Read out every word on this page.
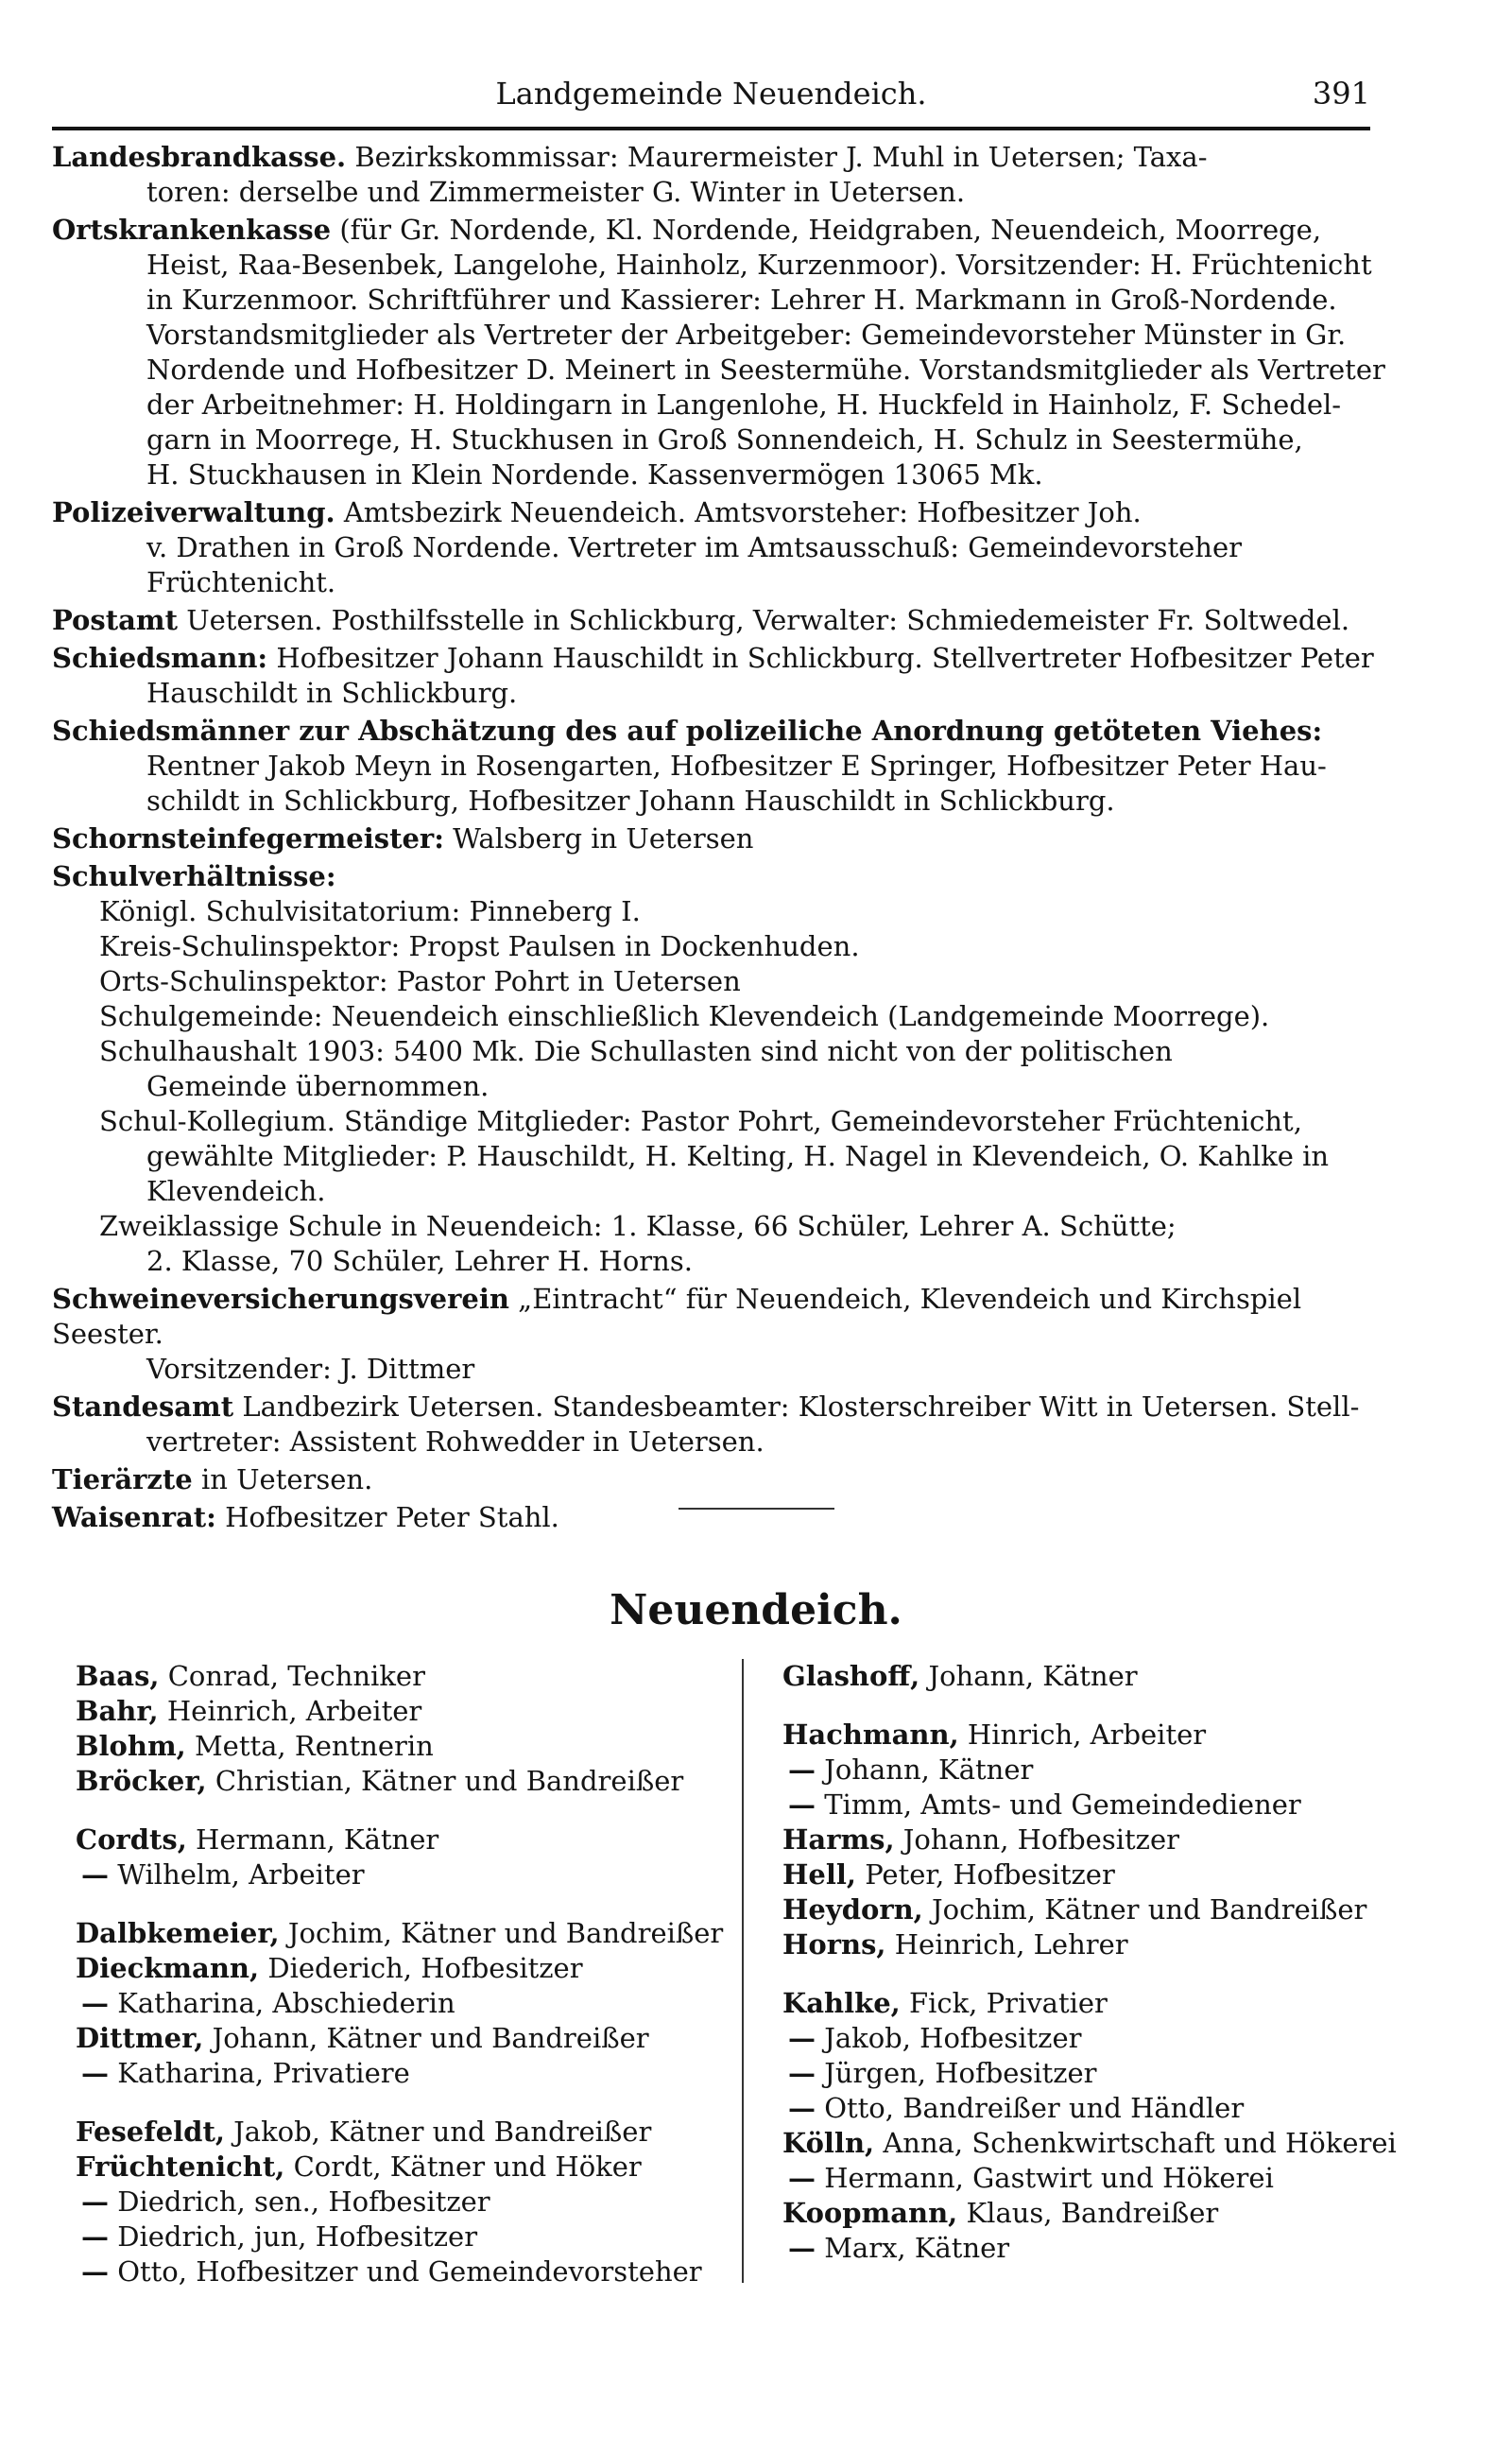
Landgemeinde Neuendeich.	391

Landesbrandkasse. Bezirkskommissar: Maurermeister J. Muhl in Uetersen; Taxa-

toren: derselbe und Zimmermeister G. Winter in Uetersen.

Ortskrankenkasse (für Gr. Nordende, Kl. Nordende, Heidgraben, Neuendeich, Moorrege,

Heist, Raa-Besenbek, Langelohe, Hainholz, Kurzenmoor). Vorsitzender: H. Früchtenicht

in Kurzenmoor. Schriftführer und Kassierer: Lehrer H. Markmann in Groß-Nordende.

Vorstandsmitglieder als Vertreter der Arbeitgeber: Gemeindevorsteher Münster in Gr.

Nordende und Hofbesitzer D. Meinert in Seestermühe. Vorstandsmitglieder als Vertreter

der Arbeitnehmer: H. Holdingarn in Langenlohe, H. Huckfeld in Hainholz, F. Schedel-

garn in Moorrege, H. Stuckhusen in Groß Sonnendeich, H. Schulz in Seestermühe,

H. Stuckhausen in Klein Nordende. Kassenvermögen 13065 Mk.

Polizeiverwaltung. Amtsbezirk Neuendeich. Amtsvorsteher: Hofbesitzer Joh.

v. Drathen in Groß Nordende. Vertreter im Amtsausschuß: Gemeindevorsteher

Früchtenicht.

Postamt Uetersen. Posthilfsstelle in Schlickburg, Verwalter: Schmiedemeister Fr. Soltwedel.

Schiedsmann: Hofbesitzer Johann Hauschildt in Schlickburg. Stellvertreter Hofbesitzer Peter

Hauschildt in Schlickburg.

Schiedsmänner zur Abschätzung des auf polizeiliche Anordnung getöteten Viehes:

Rentner Jakob Meyn in Rosengarten, Hofbesitzer E Springer, Hofbesitzer Peter Hau-

schildt in Schlickburg, Hofbesitzer Johann Hauschildt in Schlickburg.

Schornsteinfegermeister: Walsberg in Uetersen

Schulverhältnisse:

Königl. Schulvisitatorium: Pinneberg I.

Kreis-Schulinspektor: Propst Paulsen in Dockenhuden.

Orts-Schulinspektor: Pastor Pohrt in Uetersen

Schulgemeinde: Neuendeich einschließlich Klevendeich (Landgemeinde Moorrege).

Schulhaushalt 1903: 5400 Mk. Die Schullasten sind nicht von der politischen

Gemeinde übernommen.

Schul-Kollegium. Ständige Mitglieder: Pastor Pohrt, Gemeindevorsteher Früchtenicht,

gewählte Mitglieder: P. Hauschildt, H. Kelting, H. Nagel in Klevendeich, O. Kahlke in

Klevendeich.

Zweiklassige Schule in Neuendeich: 1. Klasse, 66 Schüler, Lehrer A. Schütte;

2. Klasse, 70 Schüler, Lehrer H. Horns.

Schweineversicherungsverein „Eintracht“ für Neuendeich, Klevendeich und Kirchspiel Seester.

Vorsitzender: J. Dittmer

Standesamt Landbezirk Uetersen. Standesbeamter: Klosterschreiber Witt in Uetersen. Stell-

vertreter: Assistent Rohwedder in Uetersen.

Tierärzte in Uetersen.

Waisenrat: Hofbesitzer Peter Stahl.

Neuendeich.
Baas, Conrad, Techniker
Bahr, Heinrich, Arbeiter
Blohm, Metta, Rentnerin
Bröcker, Christian, Kätner und Bandreißer
Cordts, Hermann, Kätner
— Wilhelm, Arbeiter
Dalbkemeier, Jochim, Kätner und Bandreißer
Dieckmann, Diederich, Hofbesitzer
— Katharina, Abschiederin
Dittmer, Johann, Kätner und Bandreißer
— Katharina, Privatiere
Fesefeldt, Jakob, Kätner und Bandreißer
Früchtenicht, Cordt, Kätner und Höker
— Diedrich, sen., Hofbesitzer
— Diedrich, jun, Hofbesitzer
— Otto, Hofbesitzer und Gemeindevorsteher
Glashoff, Johann, Kätner
Hachmann, Hinrich, Arbeiter
— Johann, Kätner
— Timm, Amts- und Gemeindediener
Harms, Johann, Hofbesitzer
Hell, Peter, Hofbesitzer
Heydorn, Jochim, Kätner und Bandreißer
Horns, Heinrich, Lehrer
Kahlke, Fick, Privatier
— Jakob, Hofbesitzer
— Jürgen, Hofbesitzer
— Otto, Bandreißer und Händler
Kölln, Anna, Schenkwirtschaft und Hökerei
— Hermann, Gastwirt und Hökerei
Koopmann, Klaus, Bandreißer
— Marx, Kätner
